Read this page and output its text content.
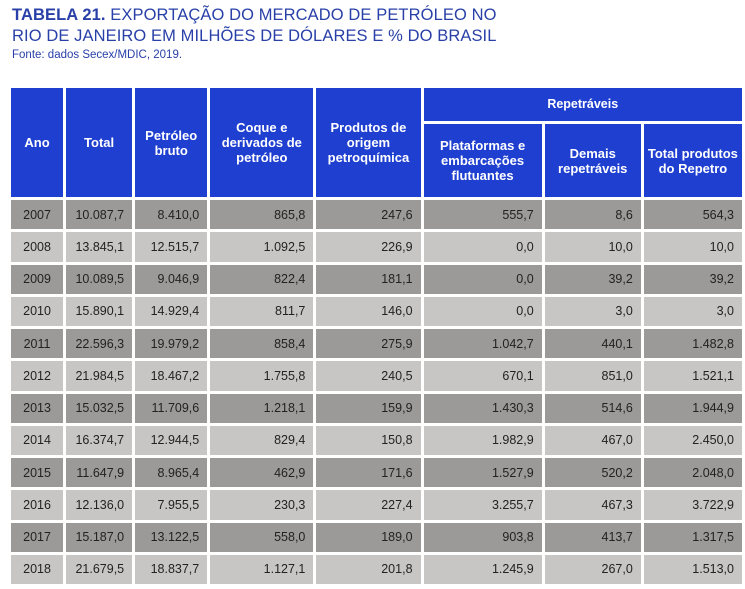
TABELA 21. EXPORTAÇÃO DO MERCADO DE PETRÓLEO NO
RIO DE JANEIRO EM MILHÕES DE DÓLARES E % DO BRASIL
Fonte: dados Secex/MDIC, 2019.
Ano	Total	Petróleo bruto	Coque e derivados de petróleo	Produtos de origem petroquímica	Repetráveis		
					Plataformas e embarcações flutuantes	Demais repetráveis	Total produtos do Repetro
2007	10.087,7	8.410,0	865,8	247,6	555,7	8,6	564,3
2008	13.845,1	12.515,7	1.092,5	226,9	0,0	10,0	10,0
2009	10.089,5	9.046,9	822,4	181,1	0,0	39,2	39,2
2010	15.890,1	14.929,4	811,7	146,0	0,0	3,0	3,0
2011	22.596,3	19.979,2	858,4	275,9	1.042,7	440,1	1.482,8
2012	21.984,5	18.467,2	1.755,8	240,5	670,1	851,0	1.521,1
2013	15.032,5	11.709,6	1.218,1	159,9	1.430,3	514,6	1.944,9
2014	16.374,7	12.944,5	829,4	150,8	1.982,9	467,0	2.450,0
2015	11.647,9	8.965,4	462,9	171,6	1.527,9	520,2	2.048,0
2016	12.136,0	7.955,5	230,3	227,4	3.255,7	467,3	3.722,9
2017	15.187,0	13.122,5	558,0	189,0	903,8	413,7	1.317,5
2018	21.679,5	18.837,7	1.127,1	201,8	1.245,9	267,0	1.513,0
